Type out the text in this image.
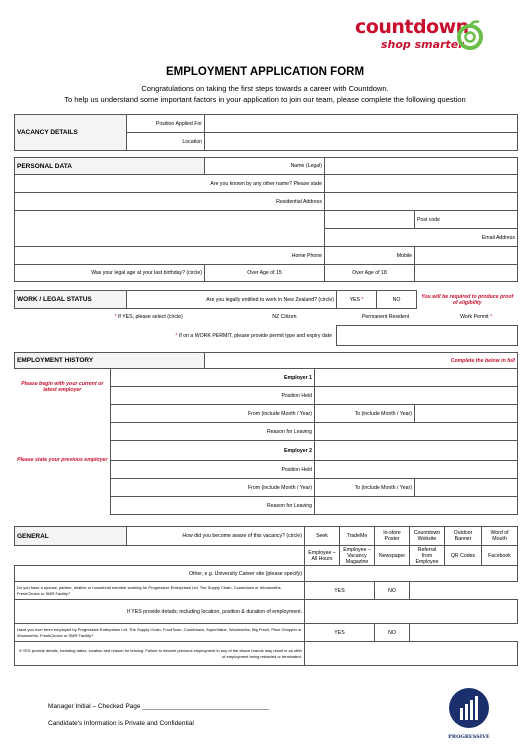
countdown
shop smarter
EMPLOYMENT APPLICATION FORM
Congratulations on taking the first steps towards a career with Countdown.
To help us understand some important factors in your application to join our team, please complete the following question
VACANCY DETAILS	Position Applied For	
	Location	
PERSONAL DATA	Name (Legal)		
Are you known by any other name? Please state			
Residential Address			
			Post code
		Email Address	
Home Phone		Mobile	
Was your legal age at your last birthday? (circle)	Over Age of 15	Over Age of 18	
WORK / LEGAL STATUS	Are you legally entitled to work in New Zealand? (circle)	YES *	NO	You will be required to produce proof of eligibility

* If YES, please select (circle) NZ Citizen		Permanent Resident Work Permit *		

* If on a WORK PERMIT, please provide permit type and expiry date				
EMPLOYMENT HISTORY		Complete the below in full		
Please begin with your current or latest employer	Employer 1			
	Position Held			
	From (include Month / Year)		To (include Month / Year)	
	Reason for Leaving			
Please state your previous employer	Employer 2			
	Position Held			
	From (include Month / Year)		To (include Month / Year)	
	Reason for Leaving			
GENERAL	How did you become aware of this vacancy? (circle)	Seek	TradeMe	In-store Poster	Countdown Website	Outdoor Banner	Word of Mouth
		Employee – All Hours	Employee – Vacancy Magazine	Newspaper	Referral from Employee	QR Codes	Facebook
Other, e.g. University Career site (please specify)							
Do you have a spouse, partner, relative or household member working for Progressive Enterprises Ltd, The Supply Chain, Countdown or Woolworths, FreshChoice or SMR Facility?		YES		NO			
If YES provide details; including location, position & duration of employment.							
Have you ever been employed by Progressive Enterprises Ltd, The Supply Chain, FoodTown, Countdown, SuperValue, Woolworths, Big Fresh, Price Chopper or Woolworths, FreshChoice or SMR Facility?		YES		NO			
If YES provide details, including dates, location and reason for leaving. Failure to declare previous employment in any of the above brands may result in an offer of employment being retracted or terminated.							
Manager Initial – Checked Page ___________________________________
Candidate's Information is Private and Confidential
PROGRESSIVE
